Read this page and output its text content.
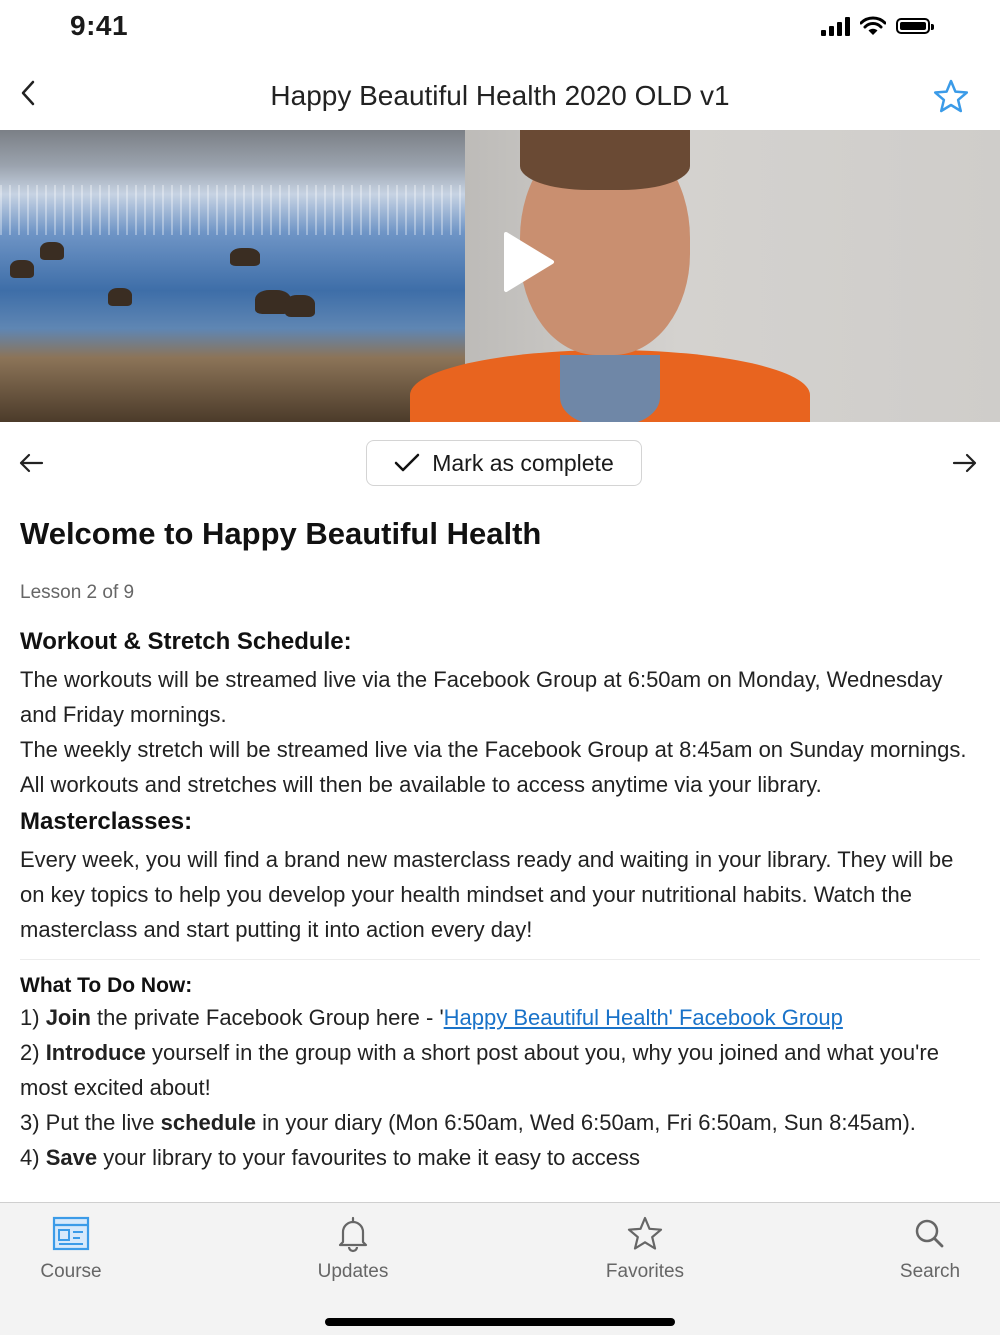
9:41
Happy Beautiful Health 2020 OLD v1
Mark as complete
Welcome to Happy Beautiful Health
Lesson 2 of 9
Workout & Stretch Schedule:

The workouts will be streamed live via the Facebook Group at 6:50am on Monday, Wednesday and Friday mornings.

The weekly stretch will be streamed live via the Facebook Group at 8:45am on Sunday mornings.

All workouts and stretches will then be available to access anytime via your library.

Masterclasses:

Every week, you will find a brand new masterclass ready and waiting in your library. They will be on key topics to help you develop your health mindset and your nutritional habits. Watch the masterclass and start putting it into action every day!

What To Do Now:

1) Join the private Facebook Group here - 'Happy Beautiful Health' Facebook Group

2) Introduce yourself in the group with a short post about you, why you joined and what you're most excited about!

3) Put the live schedule in your diary (Mon 6:50am, Wed 6:50am, Fri 6:50am, Sun 8:45am).

4) Save your library to your favourites to make it easy to access

Course	Updates	Favorites	Search
